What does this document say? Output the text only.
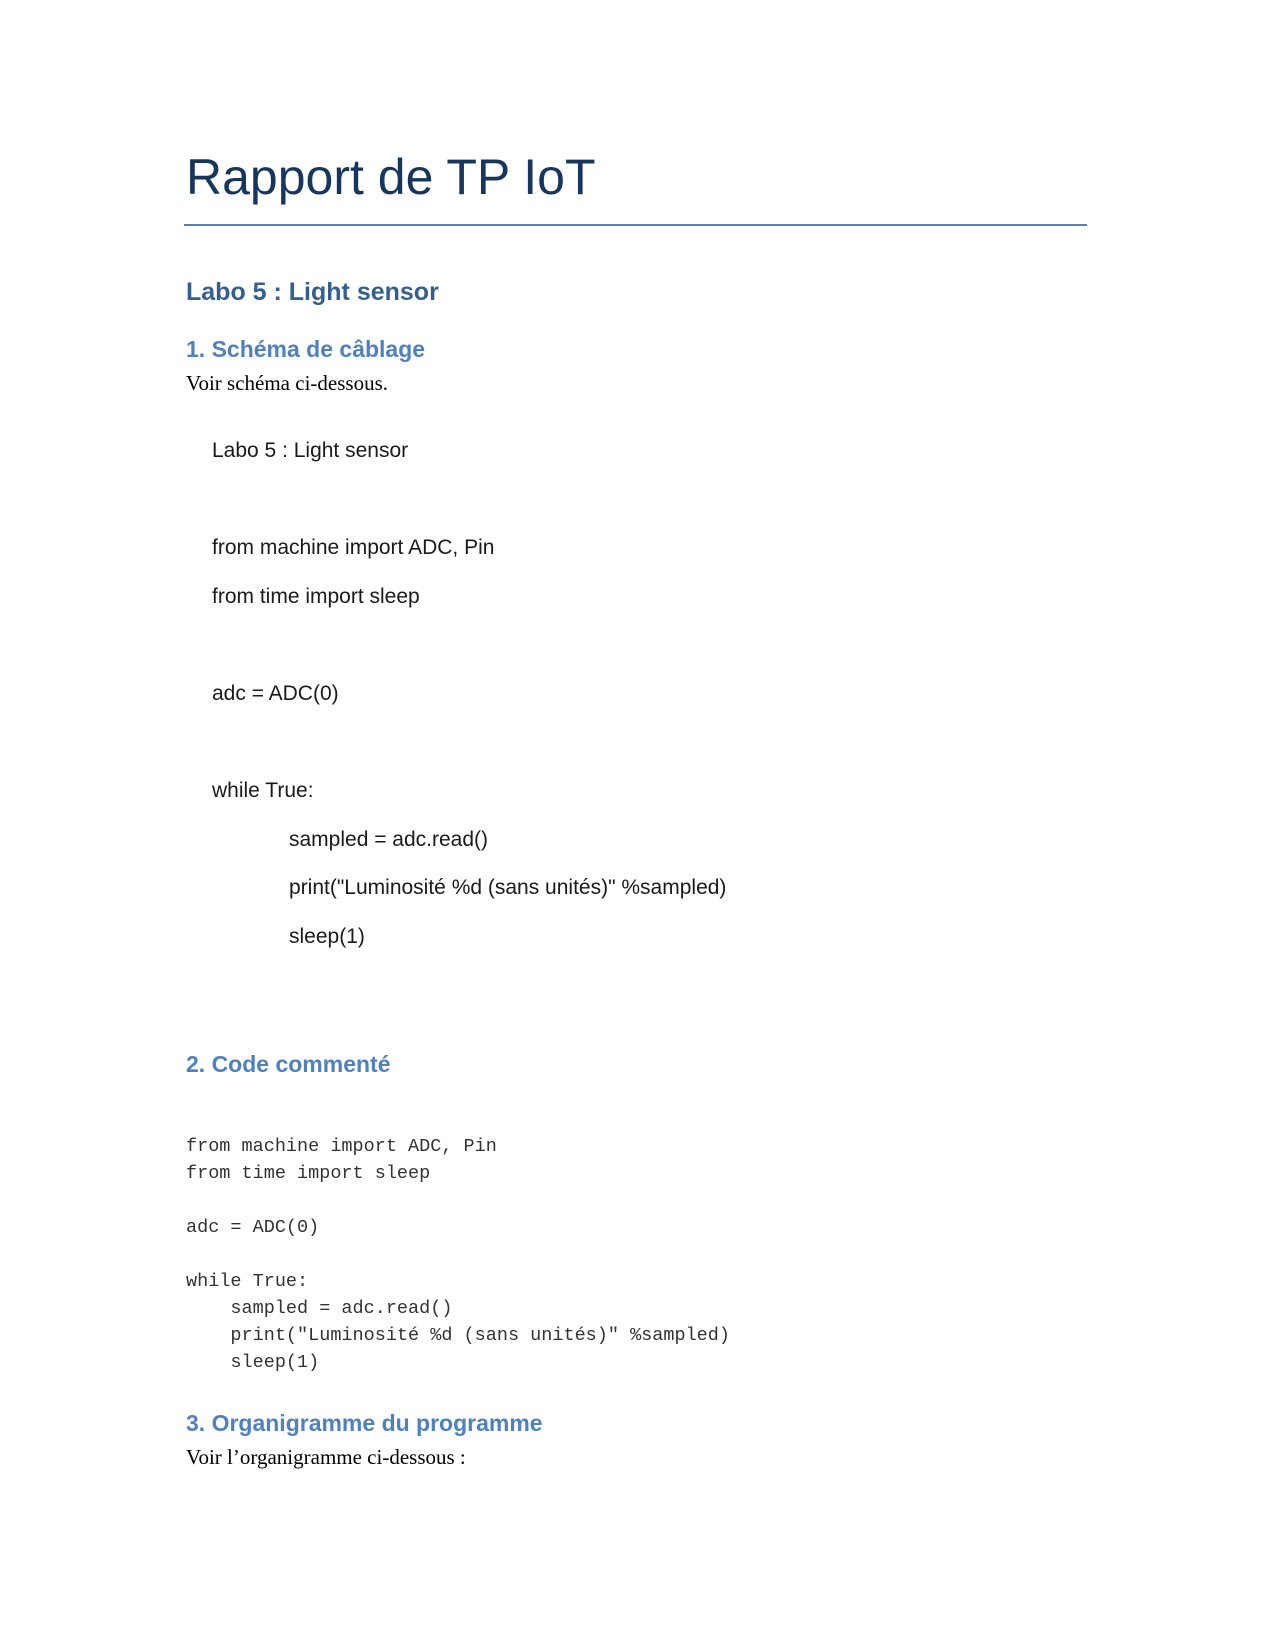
Rapport de TP IoT
Labo 5 : Light sensor
1. Schéma de câblage

Voir schéma ci-dessous.

Labo 5 : Light sensor
from machine import ADC, Pin
from time import sleep
adc = ADC(0)
while True:
sampled = adc.read()
print("Luminosité %d (sans unités)" %sampled)
sleep(1)
2. Code commenté
from machine import ADC, Pin
from time import sleep
adc = ADC(0)
while True:
sampled = adc.read()
print("Luminosité %d (sans unités)" %sampled)
sleep(1)
3. Organigramme du programme

Voir l’organigramme ci-dessous :
